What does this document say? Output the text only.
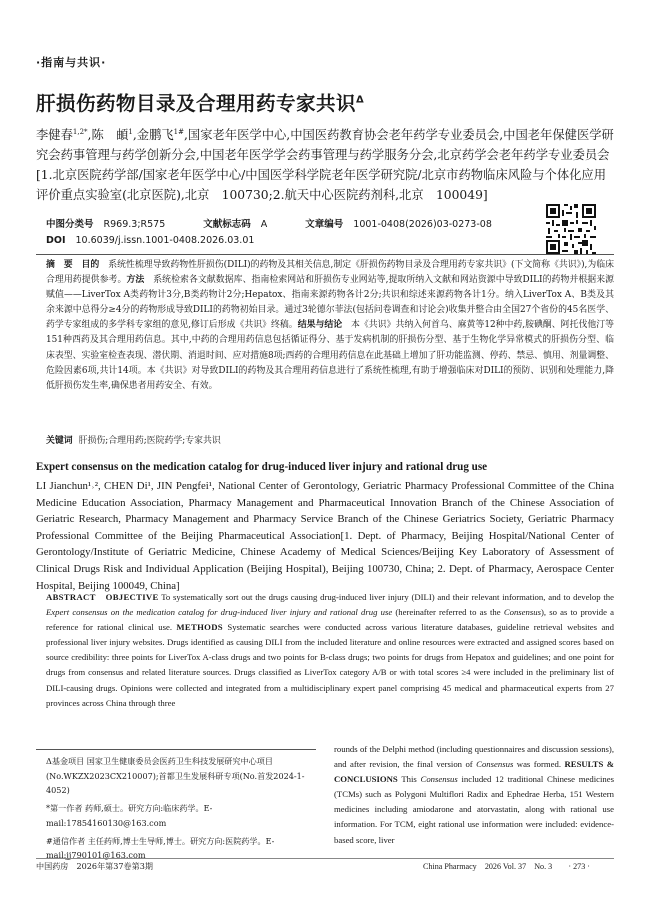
·指南与共识·
肝损伤药物目录及合理用药专家共识$^\Delta$
李健春$^{1,2*}$,陈　頔$^1$,金鹏飞$^{1\#}$,国家老年医学中心,中国医药教育协会老年药学专业委员会,中国老年保健医学研究会药事管理与药学创新分会,中国老年医学学会药事管理与药学服务分会,北京药学会老年药学专业委员会[1.北京医院药学部/国家老年医学中心/中国医学科学院老年医学研究院/北京市药物临床风险与个体化应用评价重点实验室(北京医院),北京　100730;2.航天中心医院药剂科,北京　100049]
中图分类号 R969.3;R575	文献标志码 A	文章编号 1001-0408(2026)03-0273-08
DOI 10.6039/j.issn.1001-0408.2026.03.01
摘　要　 目的　 系统性梳理导致药物性肝损伤(DILI)的药物及其相关信息,制定《肝损伤药物目录及合理用药专家共识》(下文简称《共识》),为临床合理用药提供参考。方法　 系统检索各文献数据库、指南检索网站和肝损伤专业网站等,提取所纳入文献和网站资源中导致DILI的药物并根据来源赋值——LiverTox A类药物计3分,B类药物计2分;Hepatox、指南来源药物各计2分;共识和综述来源药物各计1分。纳入LiverTox A、B类及其余来源中总得分≥4分的药物形成导致DILI的药物初始目录。通过3轮德尔菲法(包括问卷调查和讨论会)收集并整合由全国27个省份的45名医学、药学专家组成的多学科专家组的意见,修订后形成《共识》终稿。结果与结论　 本《共识》共纳入何首乌、麻黄等12种中药,胺碘酮、阿托伐他汀等151种西药及其合理用药信息。其中,中药的合理用药信息包括循证得分、基于发病机制的肝损伤分型、基于生物化学异常模式的肝损伤分型、临床表型、实验室检查表现、潜伏期、消退时间、应对措施8项;西药的合理用药信息在此基础上增加了肝功能监测、停药、禁忌、慎用、剂量调整、危险因素6项,共计14项。本《共识》对导致DILI的药物及其合理用药信息进行了系统性梳理,有助于增强临床对DILI的预防、识别和处理能力,降低肝损伤发生率,确保患者用药安全、有效。
关键词 肝损伤;合理用药;医院药学;专家共识
Expert consensus on the medication catalog for drug-induced liver injury and rational drug use
LI Jianchun¹˒², CHEN Di¹, JIN Pengfei¹, National Center of Gerontology, Geriatric Pharmacy Professional Committee of the China Medicine Education Association, Pharmacy Management and Pharmaceutical Innovation Branch of the Chinese Association of Geriatric Research, Pharmacy Management and Pharmacy Service Branch of the Chinese Geriatrics Society, Geriatric Pharmacy Professional Committee of the Beijing Pharmaceutical Association[1. Dept. of Pharmacy, Beijing Hospital/National Center of Gerontology/Institute of Geriatric Medicine, Chinese Academy of Medical Sciences/Beijing Key Laboratory of Assessment of Clinical Drugs Risk and Individual Application (Beijing Hospital), Beijing 100730, China; 2. Dept. of Pharmacy, Aerospace Center Hospital, Beijing 100049, China]
ABSTRACT　 OBJECTIVE To systematically sort out the drugs causing drug-induced liver injury (DILI) and their relevant information, and to develop the Expert consensus on the medication catalog for drug-induced liver injury and rational drug use (hereinafter referred to as the Consensus), so as to provide a reference for rational clinical use. METHODS Systematic searches were conducted across various literature databases, guideline retrieval websites and professional liver injury websites. Drugs identified as causing DILI from the included literature and online resources were extracted and assigned scores based on source credibility: three points for LiverTox A-class drugs and two points for B-class drugs; two points for drugs from Hepatox and guidelines; and one point for drugs from consensus and related literature sources. Drugs classified as LiverTox category A/B or with total scores ≥4 were included in the preliminary list of DILI-causing drugs. Opinions were collected and integrated from a multidisciplinary expert panel comprising 45 medical and pharmaceutical experts from 27 provinces across China through three
rounds of the Delphi method (including questionnaires and discussion sessions), and after revision, the final version of Consensus was formed. RESULTS & CONCLUSIONS This Consensus included 12 traditional Chinese medicines (TCMs) such as Polygoni Multiflori Radix and Ephedrae Herba, 151 Western medicines including amiodarone and atorvastatin, along with rational use information. For TCM, eight rational use information were included: evidence-based score, liver

Δ基金项目 国家卫生健康委员会医药卫生科技发展研究中心项目(No.WKZX2023CX210007);首都卫生发展科研专项(No.首发2024-1-4052)

*第一作者 药师,硕士。研究方向:临床药学。E-mail:17854160130@163.com

#通信作者 主任药师,博士生导师,博士。研究方向:医院药学。E-mail:jj790101@163.com

中国药房　2026年第37卷第3期	China Pharmacy　2026 Vol. 37　No. 3　　 · 273 ·
